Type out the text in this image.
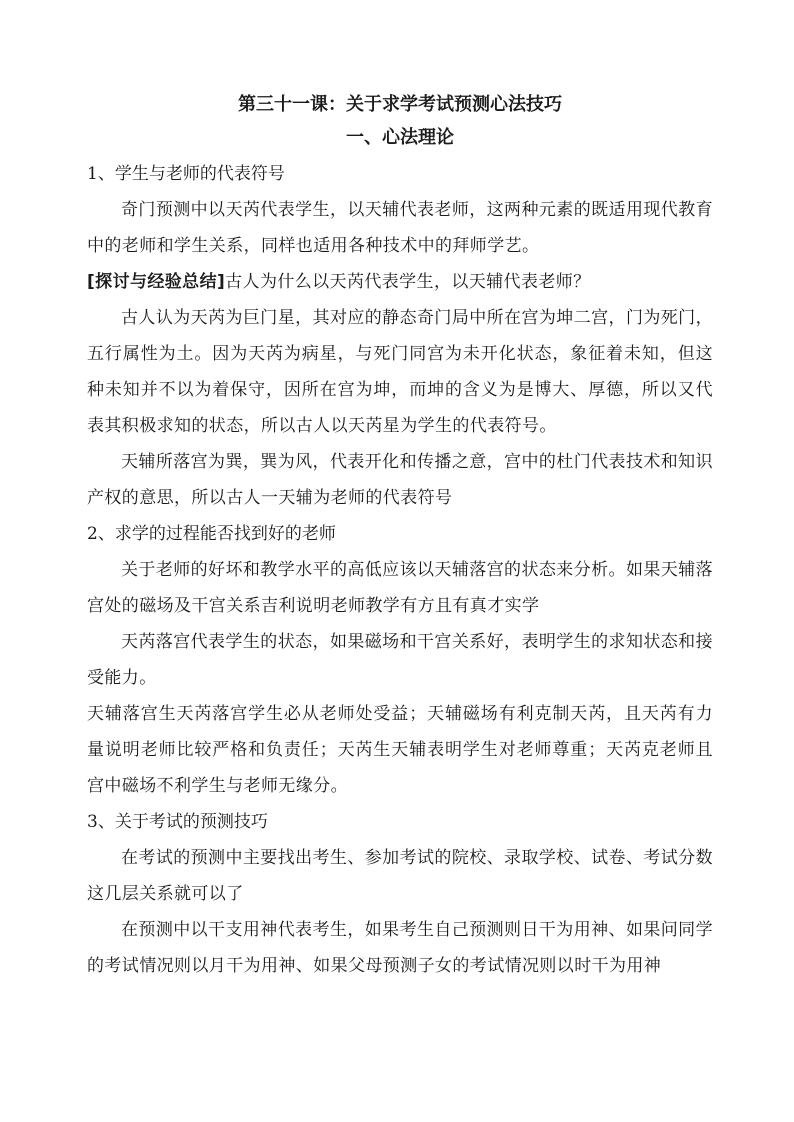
第三十一课：关于求学考试预测心法技巧
一、心法理论

1、学生与老师的代表符号

奇门预测中以天芮代表学生，以天辅代表老师，这两种元素的既适用现代教育中的老师和学生关系，同样也适用各种技术中的拜师学艺。

[探讨与经验总结]古人为什么以天芮代表学生，以天辅代表老师？

古人认为天芮为巨门星，其对应的静态奇门局中所在宫为坤二宫，门为死门，五行属性为土。因为天芮为病星，与死门同宫为未开化状态，象征着未知，但这种未知并不以为着保守，因所在宫为坤，而坤的含义为是博大、厚德，所以又代表其积极求知的状态，所以古人以天芮星为学生的代表符号。

天辅所落宫为巽，巽为风，代表开化和传播之意，宫中的杜门代表技术和知识产权的意思，所以古人一天辅为老师的代表符号

2、求学的过程能否找到好的老师

关于老师的好坏和教学水平的高低应该以天辅落宫的状态来分析。如果天辅落宫处的磁场及干宫关系吉利说明老师教学有方且有真才实学

天芮落宫代表学生的状态，如果磁场和干宫关系好，表明学生的求知状态和接受能力。

天辅落宫生天芮落宫学生必从老师处受益；天辅磁场有利克制天芮，且天芮有力量说明老师比较严格和负责任；天芮生天辅表明学生对老师尊重；天芮克老师且宫中磁场不利学生与老师无缘分。

3、关于考试的预测技巧

在考试的预测中主要找出考生、参加考试的院校、录取学校、试卷、考试分数这几层关系就可以了

在预测中以干支用神代表考生，如果考生自己预测则日干为用神、如果问同学的考试情况则以月干为用神、如果父母预测子女的考试情况则以时干为用神
